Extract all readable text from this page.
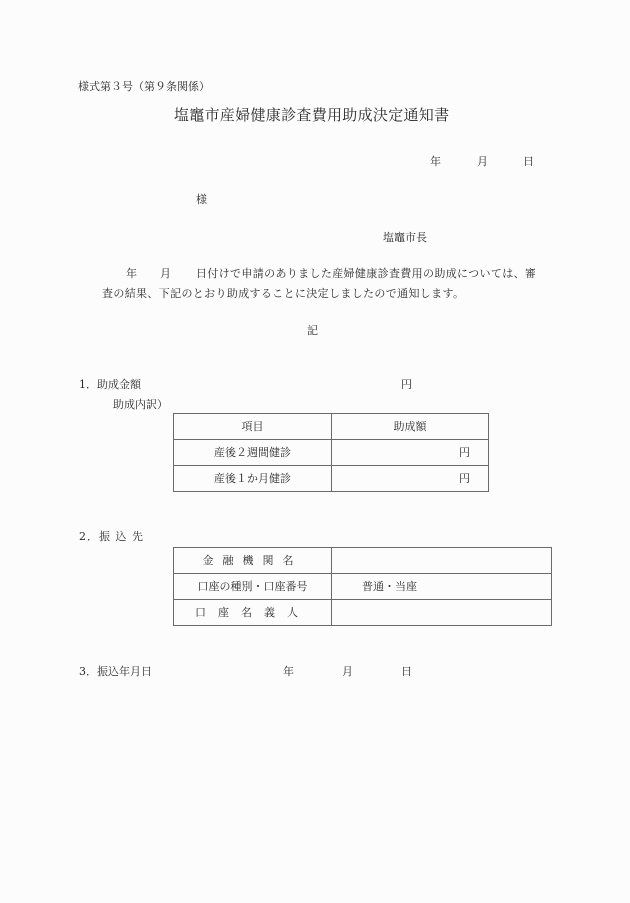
様式第３号（第９条関係）
塩竈市産婦健康診査費用助成決定通知書
年	月	日
様
塩竈市長
年 月 日付けで申請のありました産婦健康診査費用の助成については、審
査の結果、下記のとおり助成することに決定しましたので通知します。
記
1．助成金額	円
助成内訳）
項目	助成額
産後２週間健診	円
産後１か月健診	円
2．振 込 先
金融機関名	
口座の種別・口座番号	普通・当座
口座名義人	
3．振込年月日	年	月	日
